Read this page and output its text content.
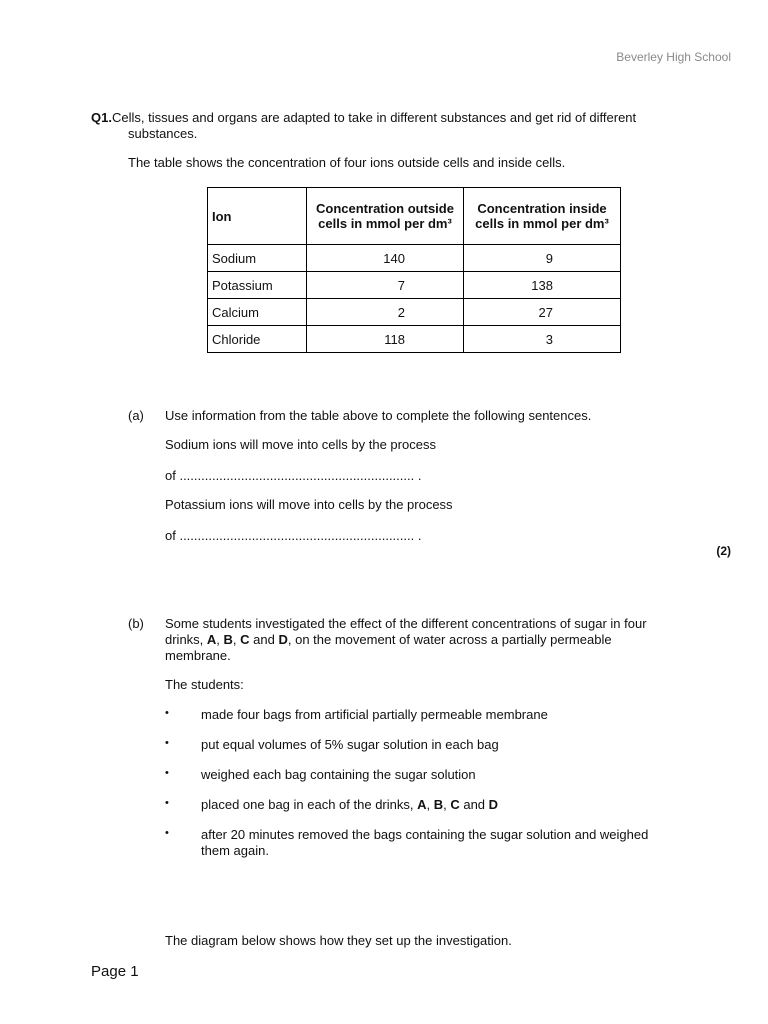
Beverley High School
Q1.Cells, tissues and organs are adapted to take in different substances and get rid of different
substances.
The table shows the concentration of four ions outside cells and inside cells.
Ion	Concentration outside cells in mmol per dm³	Concentration inside cells in mmol per dm³
Sodium	140	9
Potassium	7	138
Calcium	2	27
Chloride	118	3
(a) Use information from the table above to complete the following sentences.
Sodium ions will move into cells by the process
of ................................................................. .
Potassium ions will move into cells by the process
of ................................................................. .
(2)
(b) Some students investigated the effect of the different concentrations of sugar in four
drinks, A, B, C and D, on the movement of water across a partially permeable
membrane.
The students:
• made four bags from artificial partially permeable membrane
• put equal volumes of 5% sugar solution in each bag
• weighed each bag containing the sugar solution
• placed one bag in each of the drinks, A, B, C and D
• after 20 minutes removed the bags containing the sugar solution and weighed
them again.
The diagram below shows how they set up the investigation.
Page 1
